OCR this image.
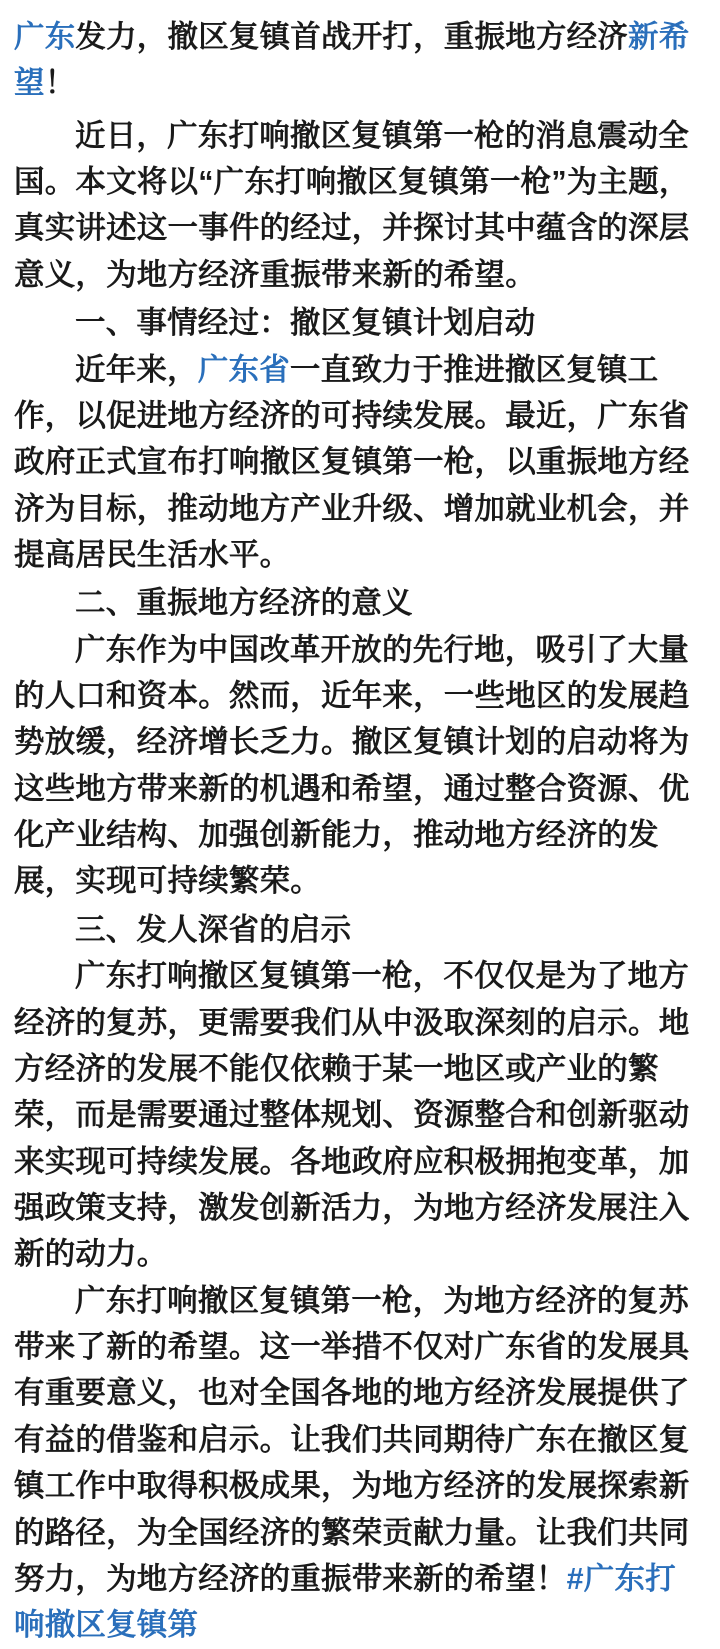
广东发力，撤区复镇首战开打，重振地方经济新希望！

近日，广东打响撤区复镇第一枪的消息震动全国。本文将以“广东打响撤区复镇第一枪”为主题，真实讲述这一事件的经过，并探讨其中蕴含的深层意义，为地方经济重振带来新的希望。

一、事情经过：撤区复镇计划启动

近年来，广东省一直致力于推进撤区复镇工作，以促进地方经济的可持续发展。最近，广东省政府正式宣布打响撤区复镇第一枪，以重振地方经济为目标，推动地方产业升级、增加就业机会，并提高居民生活水平。

二、重振地方经济的意义

广东作为中国改革开放的先行地，吸引了大量的人口和资本。然而，近年来，一些地区的发展趋势放缓，经济增长乏力。撤区复镇计划的启动将为这些地方带来新的机遇和希望，通过整合资源、优化产业结构、加强创新能力，推动地方经济的发展，实现可持续繁荣。

三、发人深省的启示

广东打响撤区复镇第一枪，不仅仅是为了地方经济的复苏，更需要我们从中汲取深刻的启示。地方经济的发展不能仅依赖于某一地区或产业的繁荣，而是需要通过整体规划、资源整合和创新驱动来实现可持续发展。各地政府应积极拥抱变革，加强政策支持，激发创新活力，为地方经济发展注入新的动力。

广东打响撤区复镇第一枪，为地方经济的复苏带来了新的希望。这一举措不仅对广东省的发展具有重要意义，也对全国各地的地方经济发展提供了有益的借鉴和启示。让我们共同期待广东在撤区复镇工作中取得积极成果，为地方经济的发展探索新的路径，为全国经济的繁荣贡献力量。让我们共同努力，为地方经济的重振带来新的希望！#广东打响撤区复镇第
